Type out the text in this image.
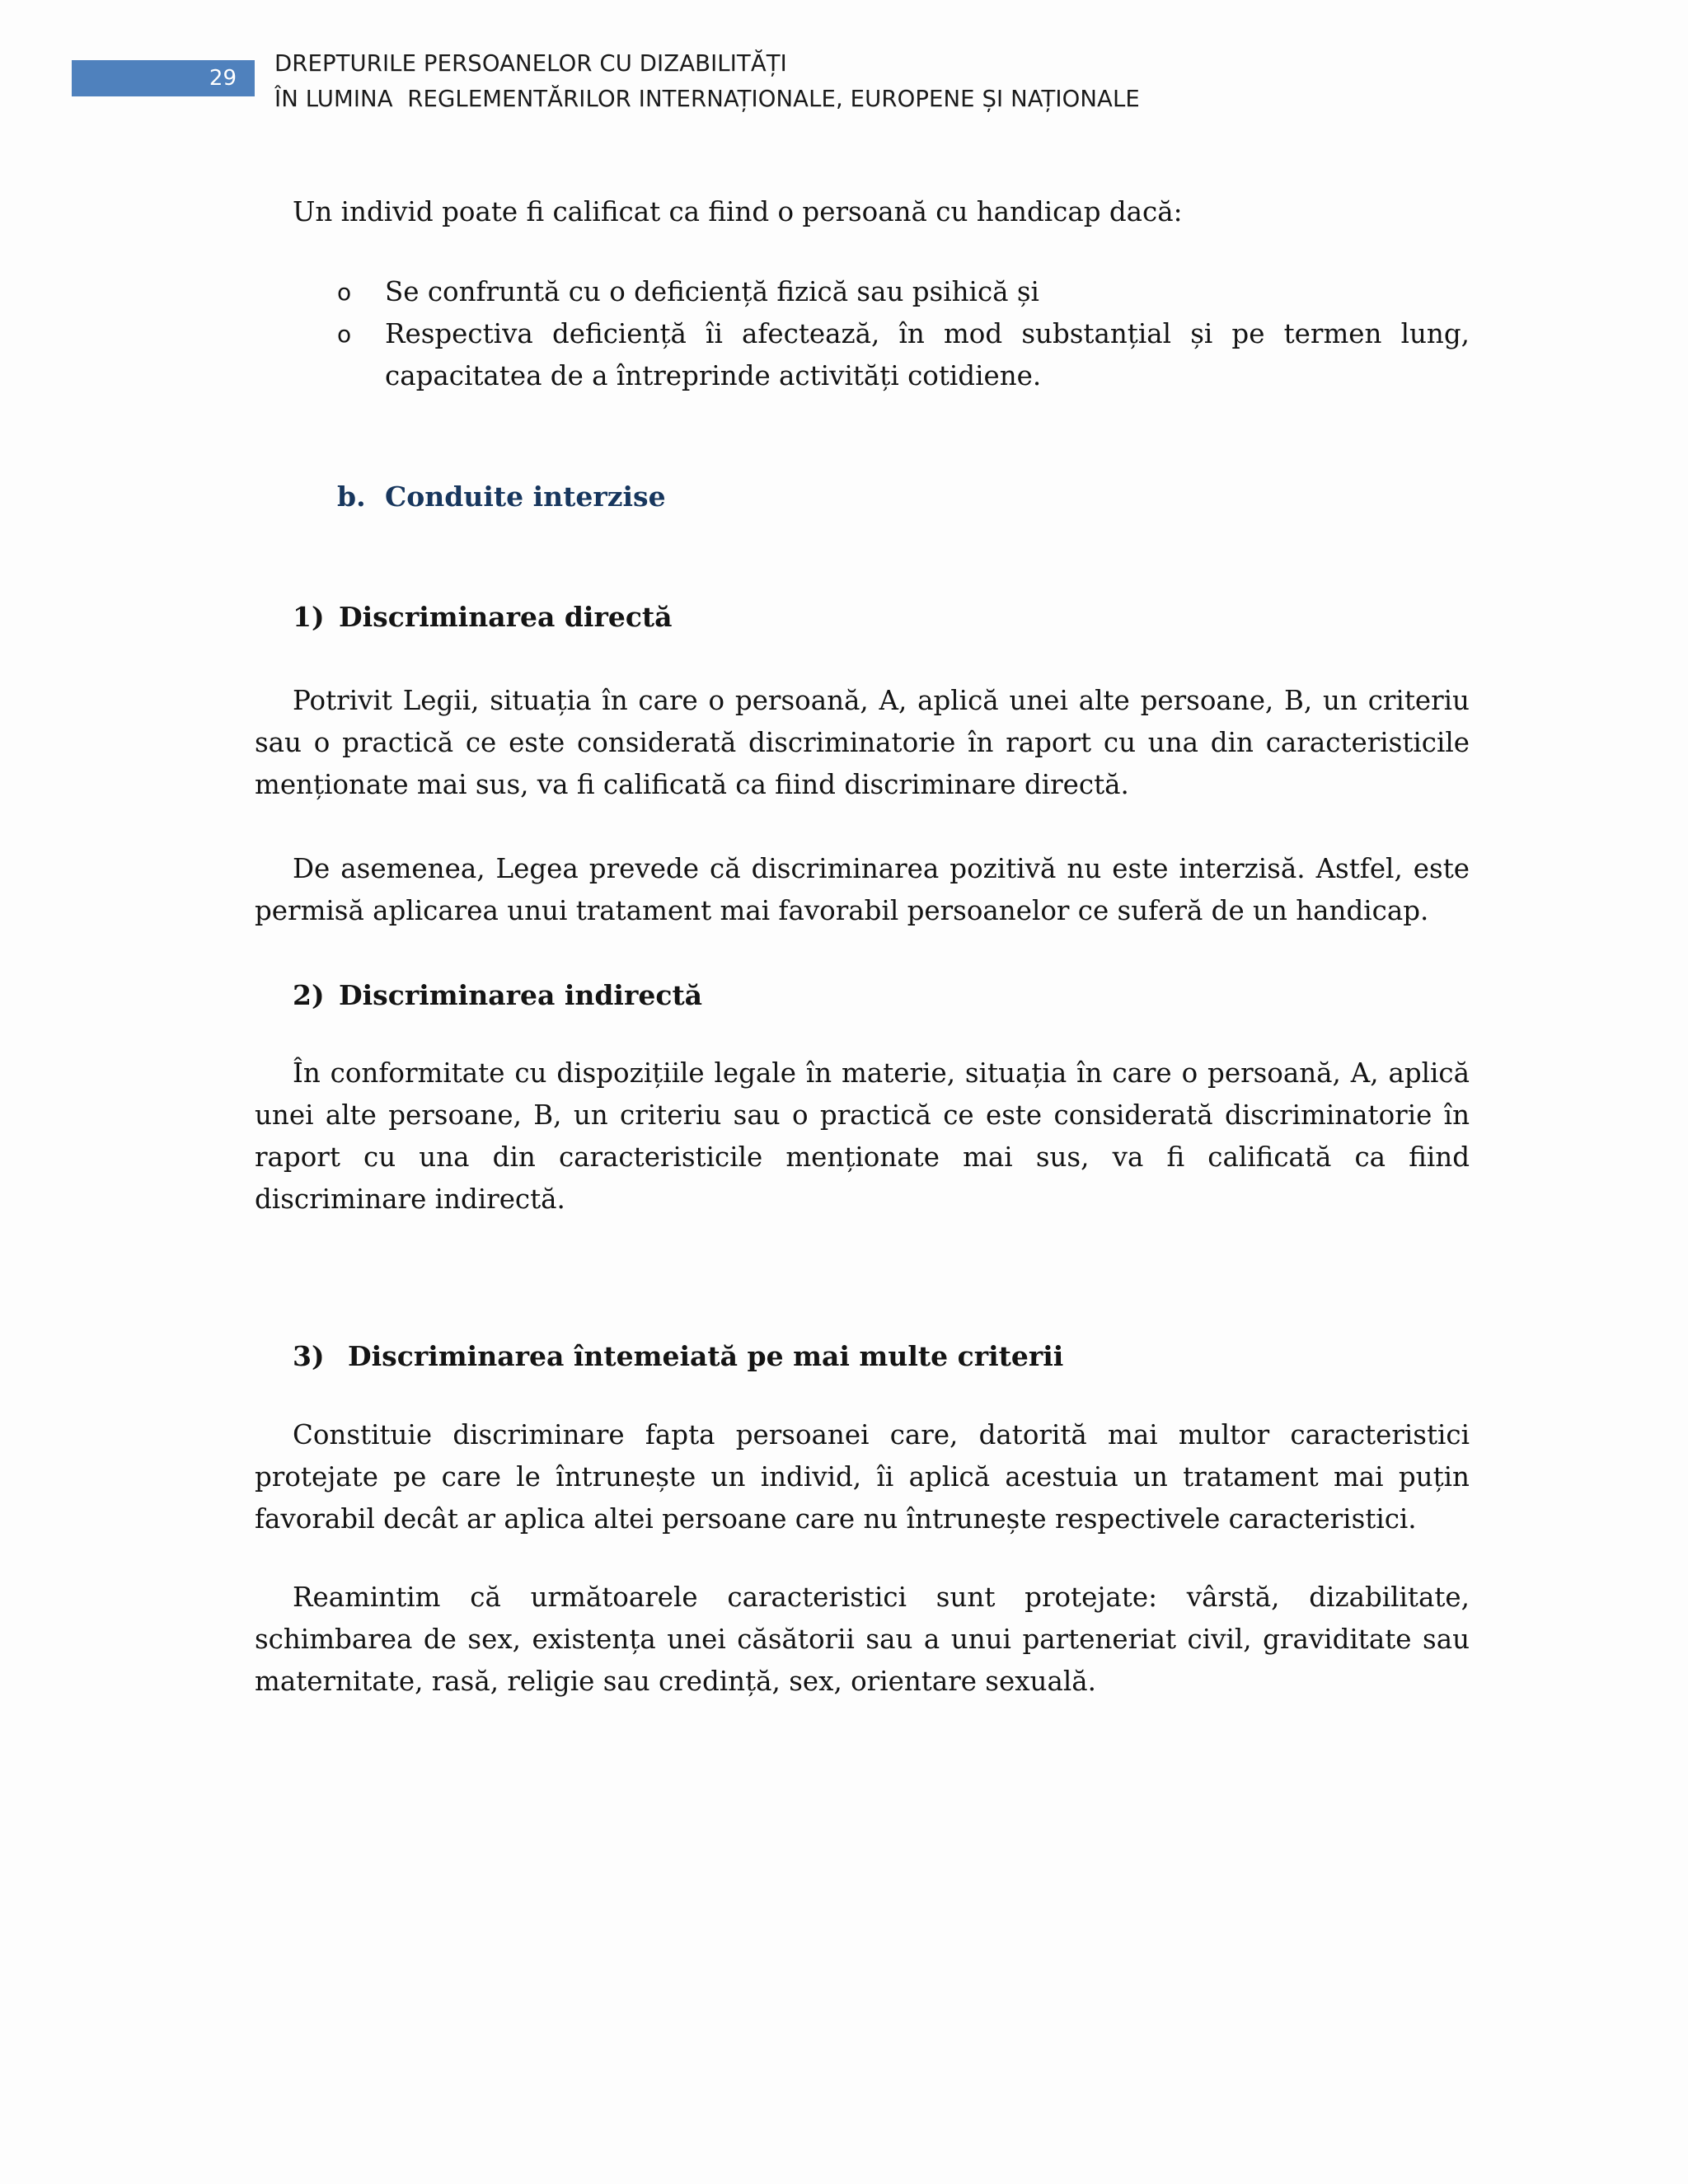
29
DREPTURILE PERSOANELOR CU DIZABILITĂȚI
ÎN LUMINA  REGLEMENTĂRILOR INTERNAȚIONALE, EUROPENE ȘI NAȚIONALE
Un individ poate fi calificat ca fiind o persoană cu handicap dacă:
o Se confruntă cu o deficiență fizică sau psihică și
o Respectiva deficiență îi afectează, în mod substanțial și pe termen lung, capacitatea de a întreprinde activități cotidiene.
b. Conduite interzise
1) Discriminarea directă

Potrivit Legii, situația în care o persoană, A, aplică unei alte persoane, B, un criteriu sau o practică ce este considerată discriminatorie în raport cu una din caracteristicile menționate mai sus, va fi calificată ca fiind discriminare directă.

De asemenea, Legea prevede că discriminarea pozitivă nu este interzisă. Astfel, este permisă aplicarea unui tratament mai favorabil persoanelor ce suferă de un handicap.

2) Discriminarea indirectă

În conformitate cu dispozițiile legale în materie, situația în care o persoană, A, aplică unei alte persoane, B, un criteriu sau o practică ce este considerată discriminatorie în raport cu una din caracteristicile menționate mai sus, va fi calificată ca fiind discriminare indirectă.

3) Discriminarea întemeiată pe mai multe criterii

Constituie discriminare fapta persoanei care, datorită mai multor caracteristici protejate pe care le întrunește un individ, îi aplică acestuia un tratament mai puțin favorabil decât ar aplica altei persoane care nu întrunește respectivele caracteristici.

Reamintim că următoarele caracteristici sunt protejate: vârstă, dizabilitate, schimbarea de sex, existența unei căsătorii sau a unui parteneriat civil, graviditate sau maternitate, rasă, religie sau credință, sex, orientare sexuală.
